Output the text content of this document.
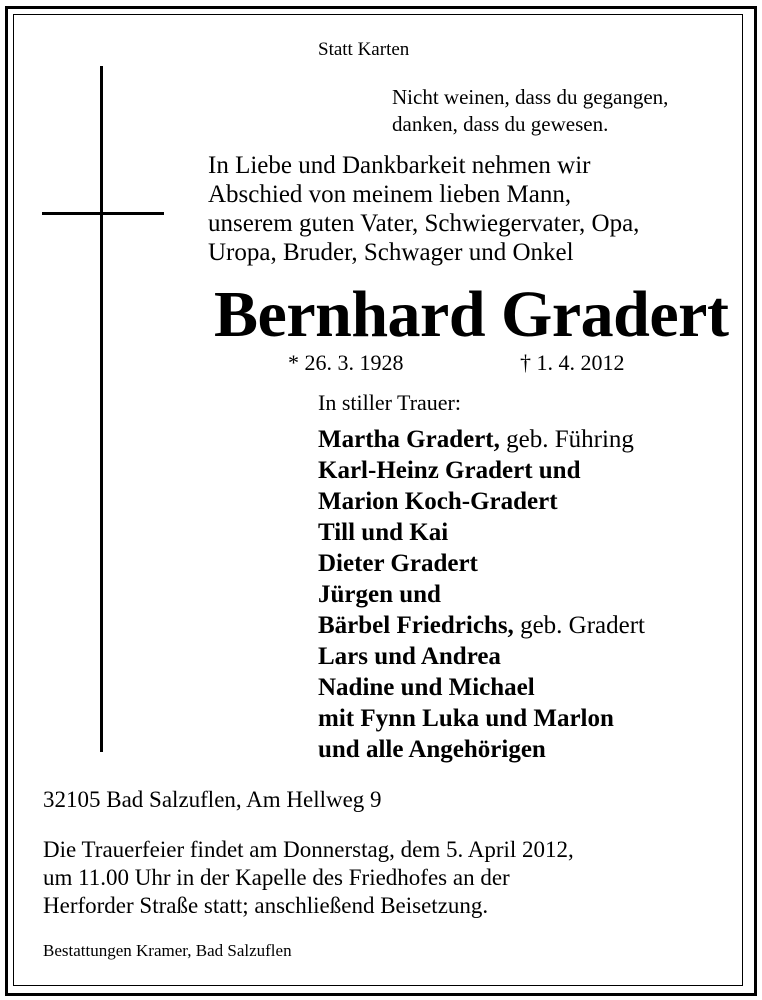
Statt Karten
Nicht weinen, dass du gegangen,
danken, dass du gewesen.
In Liebe und Dankbarkeit nehmen wir
Abschied von meinem lieben Mann,
unserem guten Vater, Schwiegervater, Opa,
Uropa, Bruder, Schwager und Onkel
Bernhard Gradert
* 26. 3. 1928	† 1. 4. 2012
In stiller Trauer:
Martha Gradert, geb. Führing
Karl-Heinz Gradert und
Marion Koch-Gradert
Till und Kai
Dieter Gradert
Jürgen und
Bärbel Friedrichs, geb. Gradert
Lars und Andrea
Nadine und Michael
mit Fynn Luka und Marlon
und alle Angehörigen
32105 Bad Salzuflen, Am Hellweg 9
Die Trauerfeier findet am Donnerstag, dem 5. April 2012,
um 11.00 Uhr in der Kapelle des Friedhofes an der
Herforder Straße statt; anschließend Beisetzung.
Bestattungen Kramer, Bad Salzuflen
